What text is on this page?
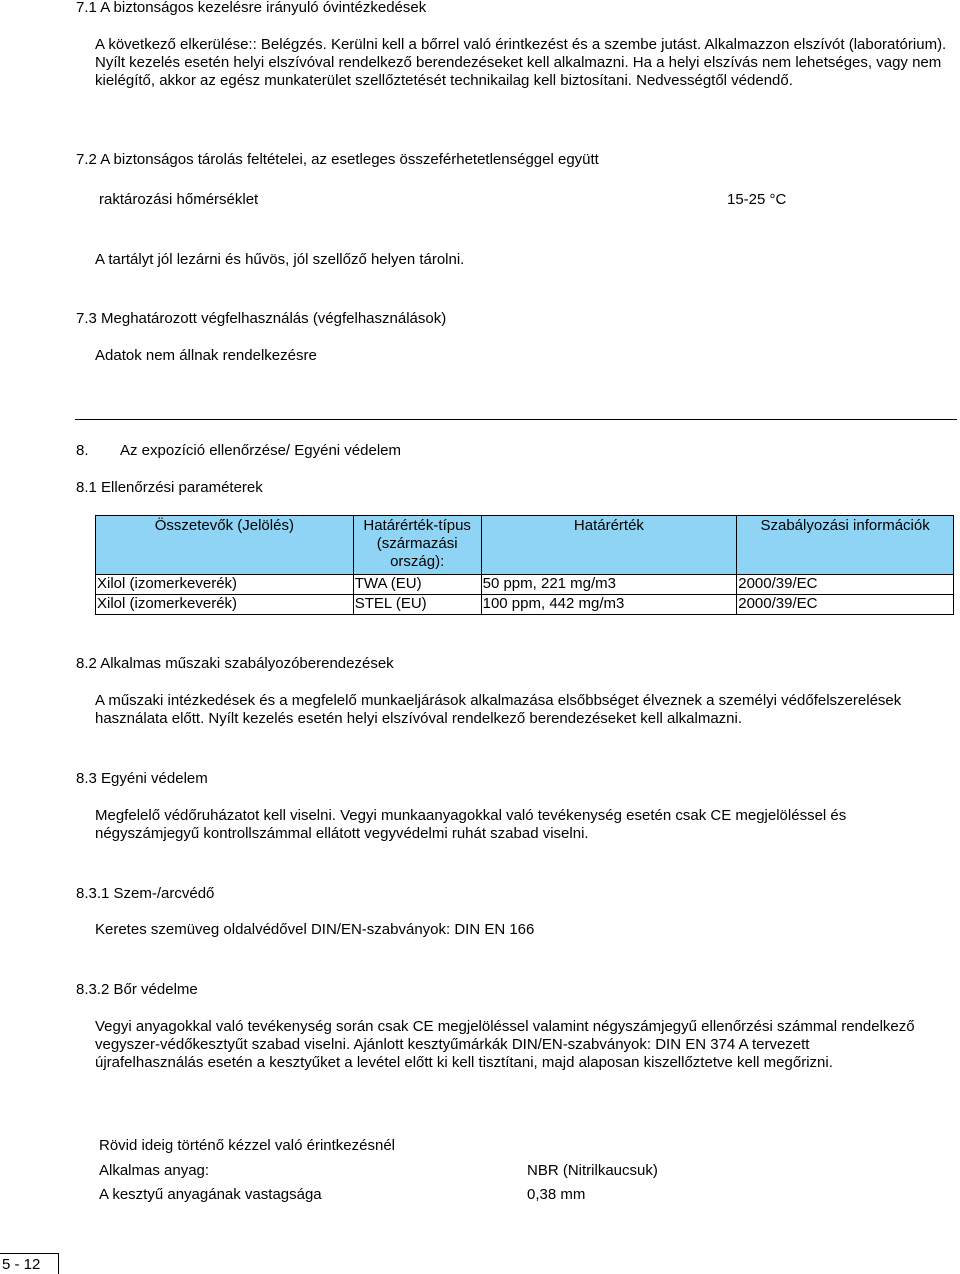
7.1 A biztonságos kezelésre irányuló óvintézkedések
A következő elkerülése:: Belégzés. Kerülni kell a bőrrel való érintkezést és a szembe jutást. Alkalmazzon elszívót (laboratórium). Nyílt kezelés esetén helyi elszívóval rendelkező berendezéseket kell alkalmazni. Ha a helyi elszívás nem lehetséges, vagy nem kielégítő, akkor az egész munkaterület szellőztetését technikailag kell biztosítani. Nedvességtől védendő.
7.2 A biztonságos tárolás feltételei, az esetleges összeférhetetlenséggel együtt
raktározási hőmérséklet	15-25 °C
A tartályt jól lezárni és hűvös, jól szellőző helyen tárolni.
7.3 Meghatározott végfelhasználás (végfelhasználások)
Adatok nem állnak rendelkezésre
8. Az expozíció ellenőrzése/ Egyéni védelem
8.1 Ellenőrzési paraméterek
Összetevők (Jelölés)	Határérték-típus (származási ország):	Határérték	Szabályozási információk
Xilol (izomerkeverék)	TWA (EU)	50 ppm, 221 mg/m3	2000/39/EC
Xilol (izomerkeverék)	STEL (EU)	100 ppm, 442 mg/m3	2000/39/EC
8.2 Alkalmas műszaki szabályozóberendezések
A műszaki intézkedések és a megfelelő munkaeljárások alkalmazása elsőbbséget élveznek a személyi védőfelszerelések használata előtt. Nyílt kezelés esetén helyi elszívóval rendelkező berendezéseket kell alkalmazni.
8.3 Egyéni védelem
Megfelelő védőruházatot kell viselni. Vegyi munkaanyagokkal való tevékenység esetén csak CE megjelöléssel és négyszámjegyű kontrollszámmal ellátott vegyvédelmi ruhát szabad viselni.
8.3.1 Szem-/arcvédő
Keretes szemüveg oldalvédővel DIN/EN-szabványok: DIN EN 166
8.3.2 Bőr védelme
Vegyi anyagokkal való tevékenység során csak CE megjelöléssel valamint négyszámjegyű ellenőrzési számmal rendelkező vegyszer-védőkesztyűt szabad viselni. Ajánlott kesztyűmárkák DIN/EN-szabványok: DIN EN 374 A tervezett újrafelhasználás esetén a kesztyűket a levétel előtt ki kell tisztítani, majd alaposan kiszellőztetve kell megőrizni.
Rövid ideig történő kézzel való érintkezésnél
Alkalmas anyag:	NBR (Nitrilkaucsuk)
A kesztyű anyagának vastagsága	0,38 mm
5 - 12
